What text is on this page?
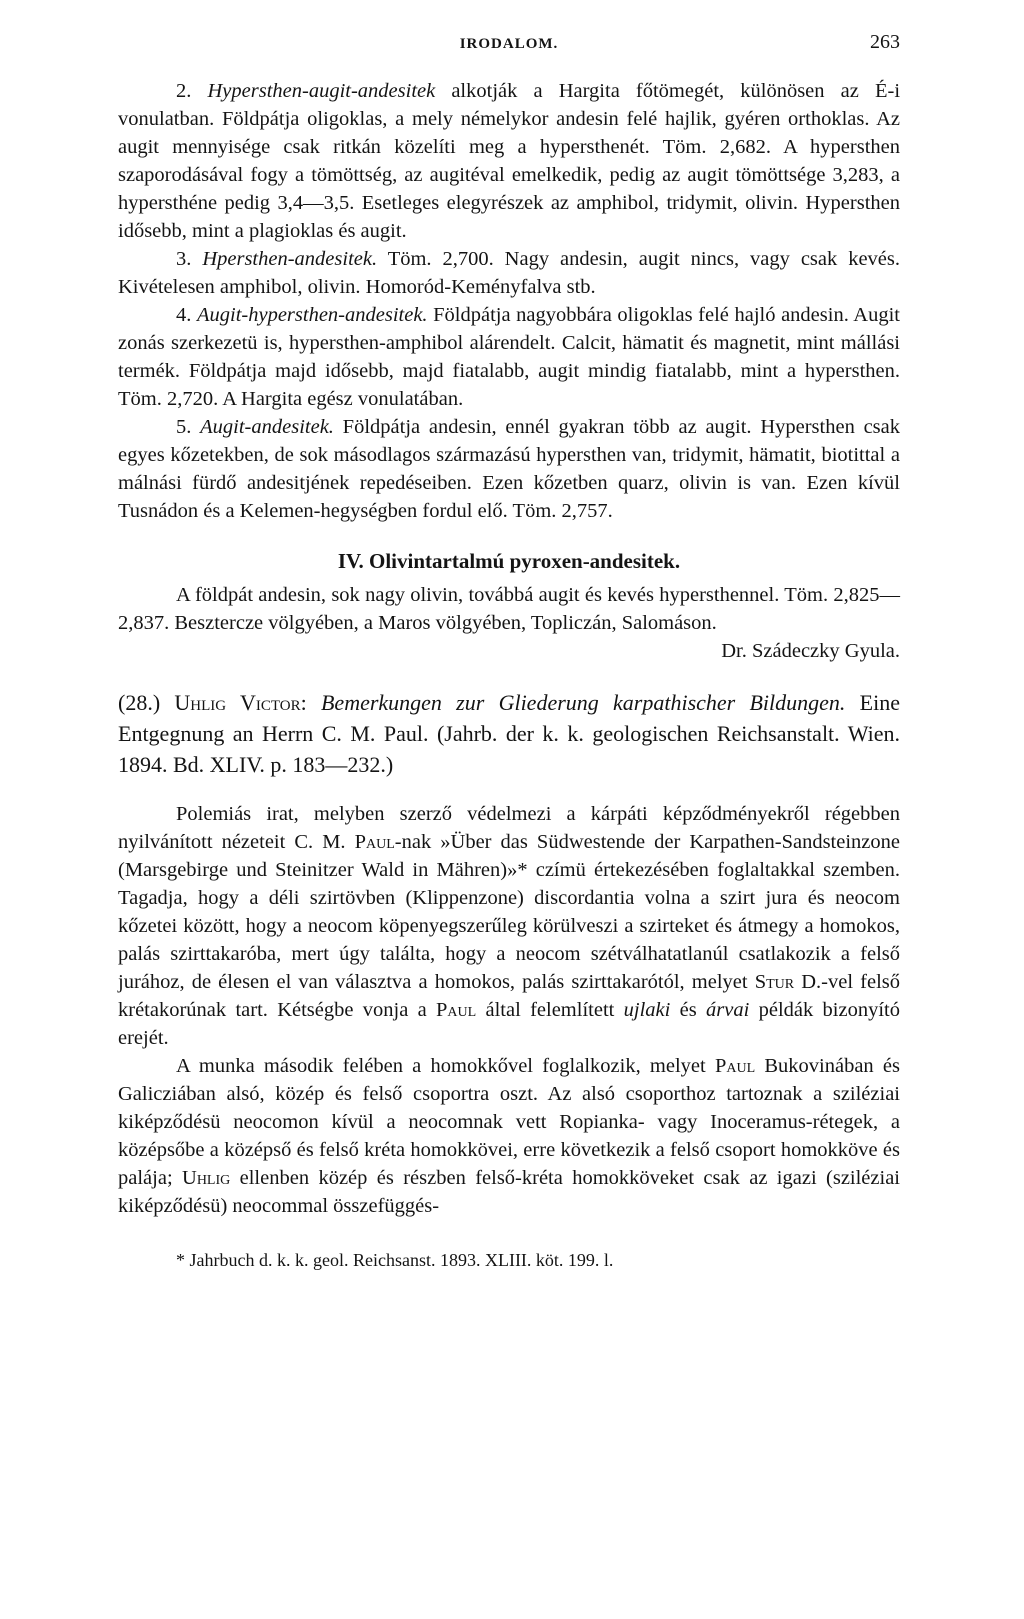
IRODALOM.	263

2. Hypersthen-augit-andesitek alkotják a Hargita főtömegét, különösen az É-i vonulatban. Földpátja oligoklas, a mely némelykor andesin felé hajlik, gyéren orthoklas. Az augit mennyisége csak ritkán közelíti meg a hypersthenét. Töm. 2,682. A hypersthen szaporodásával fogy a tömöttség, az augitéval emelkedik, pedig az augit tömöttsége 3,283, a hypersthéne pedig 3,4—3,5. Esetleges elegyrészek az amphibol, tridymit, olivin. Hypersthen idősebb, mint a plagioklas és augit.

3. Hpersthen-andesitek. Töm. 2,700. Nagy andesin, augit nincs, vagy csak kevés. Kivételesen amphibol, olivin. Homoród-Keményfalva stb.

4. Augit-hypersthen-andesitek. Földpátja nagyobbára oligoklas felé hajló andesin. Augit zonás szerkezetü is, hypersthen-amphibol alárendelt. Calcit, hämatit és magnetit, mint mállási termék. Földpátja majd idősebb, majd fiatalabb, augit mindig fiatalabb, mint a hypersthen. Töm. 2,720. A Hargita egész vonulatában.

5. Augit-andesitek. Földpátja andesin, ennél gyakran több az augit. Hypersthen csak egyes kőzetekben, de sok másodlagos származású hypersthen van, tridymit, hämatit, biotittal a málnási fürdő andesitjének repedéseiben. Ezen kőzetben quarz, olivin is van. Ezen kívül Tusnádon és a Kelemen-hegységben fordul elő. Töm. 2,757.

IV. Olivintartalmú pyroxen-andesitek.

A földpát andesin, sok nagy olivin, továbbá augit és kevés hypersthennel. Töm. 2,825—2,837. Besztercze völgyében, a Maros völgyében, Topliczán, Salomáson.

Dr. Szádeczky Gyula.

(28.) Uhlig Victor: Bemerkungen zur Gliederung karpathischer Bildungen. Eine Entgegnung an Herrn C. M. Paul. (Jahrb. der k. k. geologischen Reichsanstalt. Wien. 1894. Bd. XLIV. p. 183—232.)

Polemiás irat, melyben szerző védelmezi a kárpáti képződményekről régebben nyilvánított nézeteit C. M. Paul-nak »Über das Südwestende der Karpathen-Sandsteinzone (Marsgebirge und Steinitzer Wald in Mähren)»* czímü értekezésében foglaltakkal szemben. Tagadja, hogy a déli szirtövben (Klippenzone) discordantia volna a szirt jura és neocom kőzetei között, hogy a neocom köpenyegszerűleg körülveszi a szirteket és átmegy a homokos, palás szirttakaróba, mert úgy találta, hogy a neocom szétválhatatlanúl csatlakozik a felső jurához, de élesen el van választva a homokos, palás szirttakarótól, melyet Stur D.-vel felső krétakorúnak tart. Kétségbe vonja a Paul által felemlített ujlaki és árvai példák bizonyító erejét.

A munka második felében a homokkővel foglalkozik, melyet Paul Bukovinában és Galicziában alsó, közép és felső csoportra oszt. Az alsó csoporthoz tartoznak a sziléziai kiképződésü neocomon kívül a neocomnak vett Ropianka- vagy Inoceramus-rétegek, a középsőbe a középső és felső kréta homokkövei, erre következik a felső csoport homokköve és palája; Uhlig ellenben közép és részben felső-kréta homokköveket csak az igazi (sziléziai kiképződésü) neocommal összefüggés-

* Jahrbuch d. k. k. geol. Reichsanst. 1893. XLIII. köt. 199. l.
